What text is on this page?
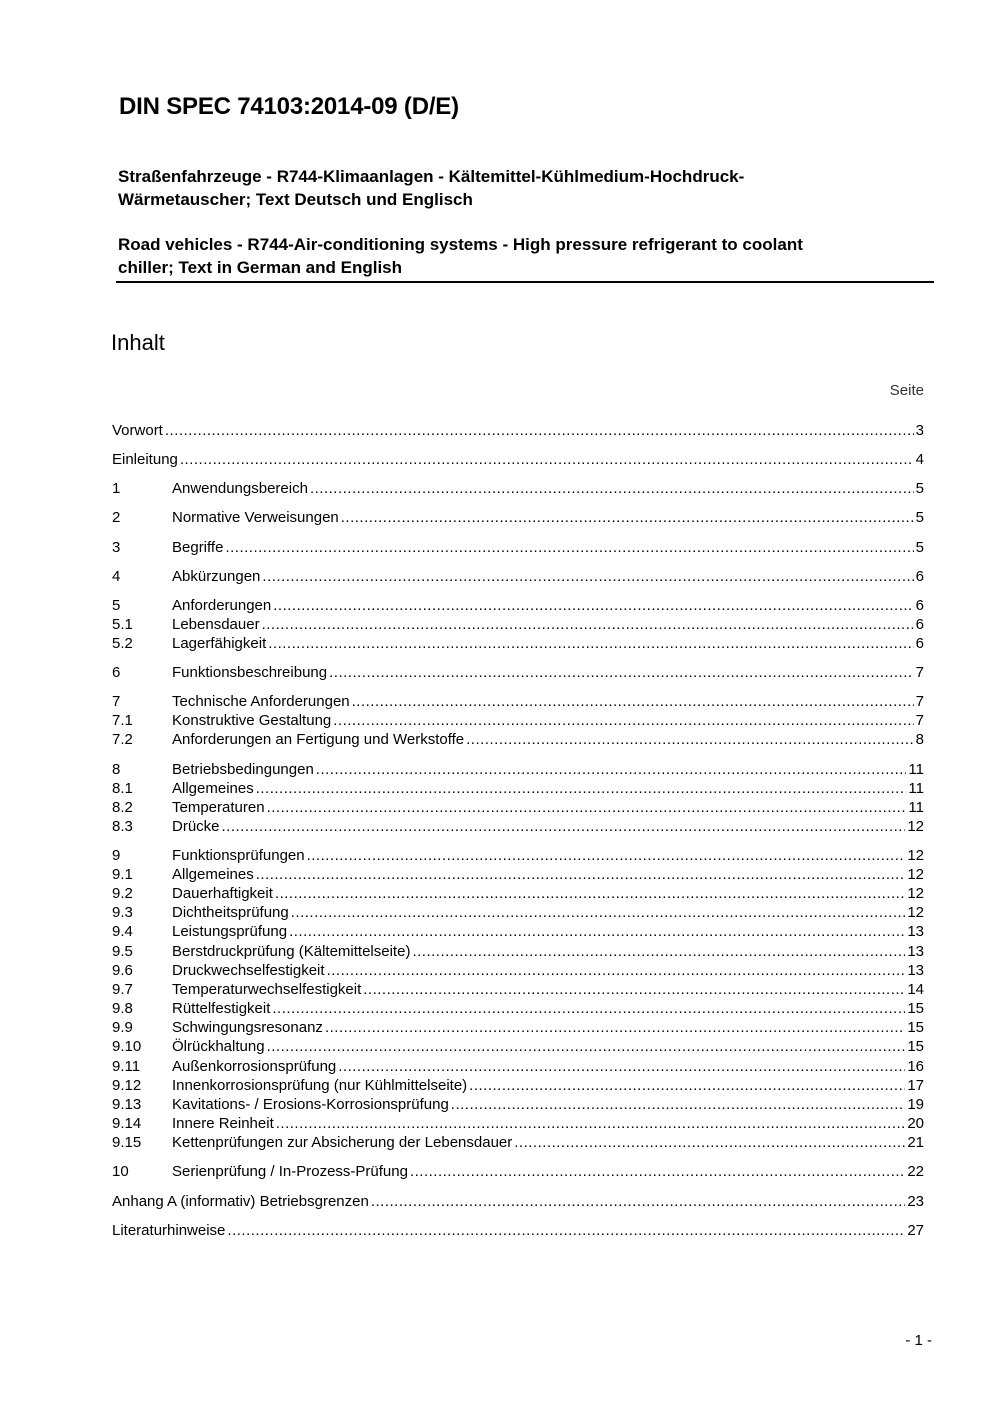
DIN SPEC 74103:2014-09 (D/E)
Straßenfahrzeuge - R744-Klimaanlagen - Kältemittel-Kühlmedium-Hochdruck-
Wärmetauscher; Text Deutsch und Englisch
Road vehicles - R744-Air-conditioning systems - High pressure refrigerant to coolant
chiller; Text in German and English
Inhalt
Seite
Vorwort .....	3
Einleitung .....	4
1	Anwendungsbereich .....	5
2	Normative Verweisungen .....	5
3	Begriffe .....	5
4	Abkürzungen .....	6
5	Anforderungen .....	6
5.1	Lebensdauer .....	6
5.2	Lagerfähigkeit .....	6
6	Funktionsbeschreibung .....	7
7	Technische Anforderungen .....	7
7.1	Konstruktive Gestaltung .....	7
7.2	Anforderungen an Fertigung und Werkstoffe .....	8
8	Betriebsbedingungen .....	11
8.1	Allgemeines .....	11
8.2	Temperaturen .....	11
8.3	Drücke .....	12
9	Funktionsprüfungen .....	12
9.1	Allgemeines .....	12
9.2	Dauerhaftigkeit .....	12
9.3	Dichtheitsprüfung .....	12
9.4	Leistungsprüfung .....	13
9.5	Berstdruckprüfung (Kältemittelseite) .....	13
9.6	Druckwechselfestigkeit .....	13
9.7	Temperaturwechselfestigkeit .....	14
9.8	Rüttelfestigkeit .....	15
9.9	Schwingungsresonanz .....	15
9.10	Ölrückhaltung .....	15
9.11	Außenkorrosionsprüfung .....	16
9.12	Innenkorrosionsprüfung (nur Kühlmittelseite) .....	17
9.13	Kavitations- / Erosions-Korrosionsprüfung .....	19
9.14	Innere Reinheit .....	20
9.15	Kettenprüfungen zur Absicherung der Lebensdauer .....	21
10	Serienprüfung / In-Prozess-Prüfung .....	22
Anhang A (informativ) Betriebsgrenzen .....	23
Literaturhinweise .....	27
- 1 -
